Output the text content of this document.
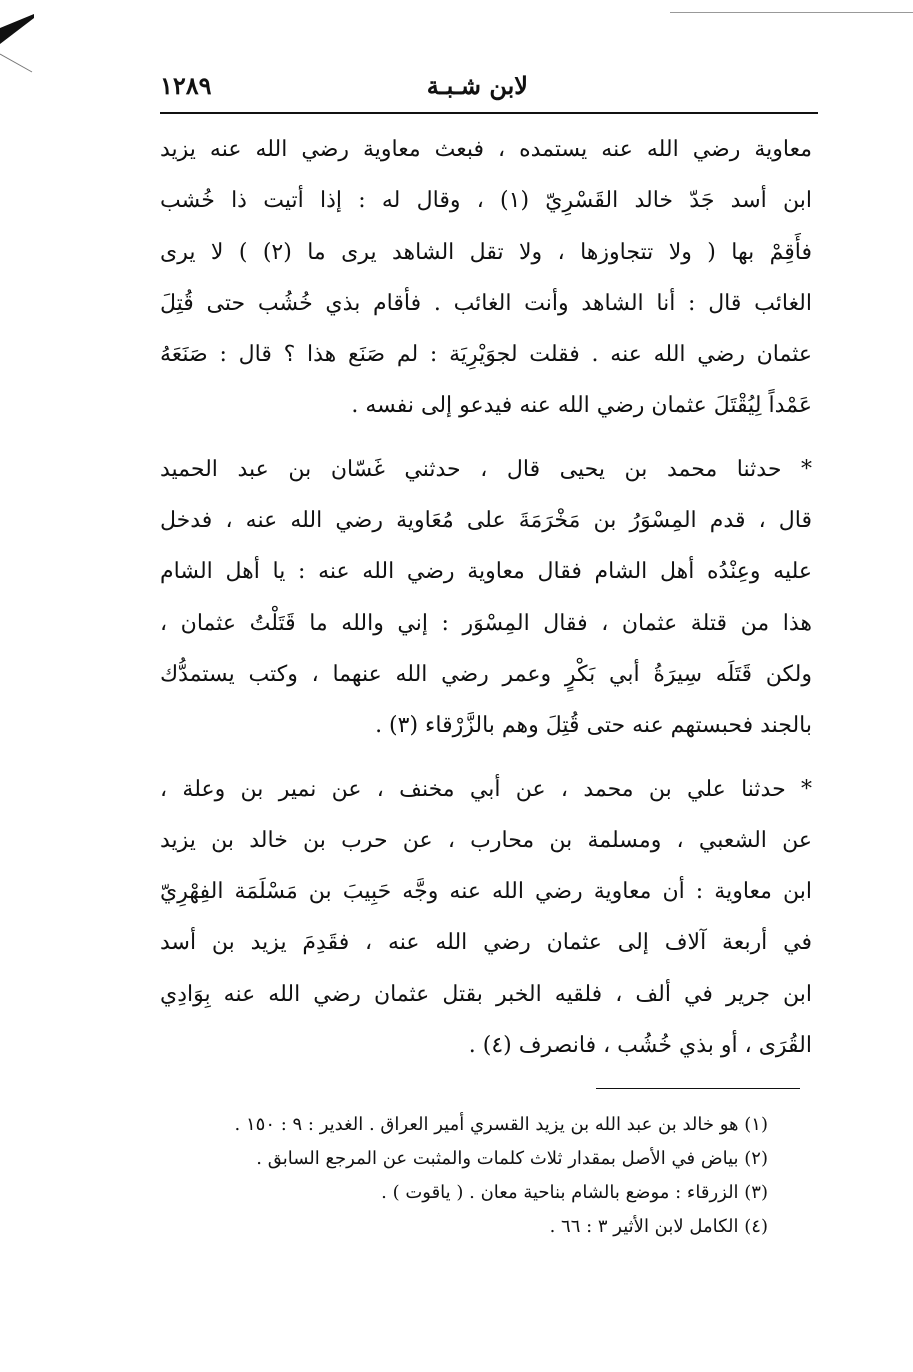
١٢٨٩	لابن شـبـة

معاوية رضي الله عنه يستمده ، فبعث معاوية رضي الله عنه يزيد
ابن أسد جَدّ خالد القَسْرِيّ (١) ، وقال له : إذا أتيت ذا خُشب
فأَقِمْ بها ( ولا تتجاوزها ، ولا تقل الشاهد يرى ما (٢) ) لا يرى
الغائب قال : أنا الشاهد وأنت الغائب . فأقام بذي خُشُب حتى قُتِلَ
عثمان رضي الله عنه . فقلت لجوَيْرِيَة : لم صَنَع هذا ؟ قال : صَنَعَهُ
عَمْداً لِيُقْتَلَ عثمان رضي الله عنه فيدعو إلى نفسه .

* حدثنا محمد بن يحيى قال ، حدثني غَسّان بن عبد الحميد
قال ، قدم المِسْوَرُ بن مَخْرَمَةَ على مُعَاوية رضي الله عنه ، فدخل
عليه وعِنْدُه أهل الشام فقال معاوية رضي الله عنه : يا أهل الشام
هذا من قتلة عثمان ، فقال المِسْوَر : إني والله ما قَتَلْتُ عثمان ،
ولكن قَتَلَه سِيرَةُ أبي بَكْرٍ وعمر رضي الله عنهما ، وكتب يستمدُّك
بالجند فحبستهم عنه حتى قُتِلَ وهم بالزَّرْقاء (٣) .

* حدثنا علي بن محمد ، عن أبي مخنف ، عن نمير بن وعلة ،
عن الشعبي ، ومسلمة بن محارب ، عن حرب بن خالد بن يزيد
ابن معاوية : أن معاوية رضي الله عنه وجَّه حَبِيبَ بن مَسْلَمَة الفِهْرِيّ
في أربعة آلاف إلى عثمان رضي الله عنه ، فقَدِمَ يزيد بن أسد
ابن جرير في ألف ، فلقيه الخبر بقتل عثمان رضي الله عنه بِوَادِي
القُرَى ، أو بذي خُشُب ، فانصرف (٤) .

(١) هو خالد بن عبد الله بن يزيد القسري أمير العراق . الغدير : ٩ : ١٥٠ .
(٢) بياض في الأصل بمقدار ثلاث كلمات والمثبت عن المرجع السابق .
(٣) الزرقاء : موضع بالشام بناحية معان . ( ياقوت ) .
(٤) الكامل لابن الأثير ٣ : ٦٦ .
